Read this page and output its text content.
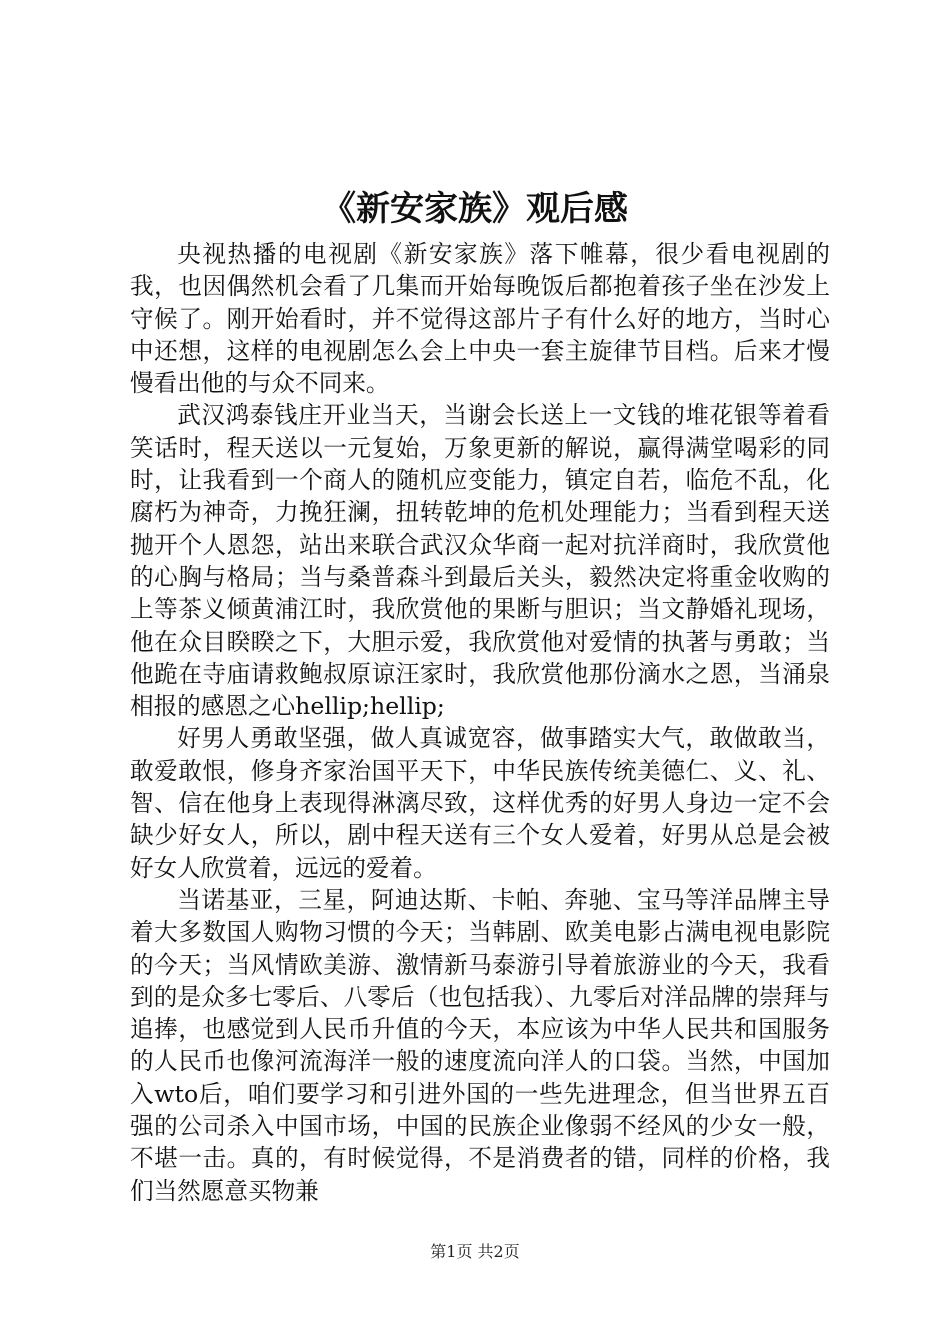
《新安家族》观后感

央视热播的电视剧《新安家族》落下帷幕，很少看电视剧的我，也因偶然机会看了几集而开始每晚饭后都抱着孩子坐在沙发上守候了。刚开始看时，并不觉得这部片子有什么好的地方，当时心中还想，这样的电视剧怎么会上中央一套主旋律节目档。后来才慢慢看出他的与众不同来。

武汉鸿泰钱庄开业当天，当谢会长送上一文钱的堆花银等着看笑话时，程天送以一元复始，万象更新的解说，赢得满堂喝彩的同时，让我看到一个商人的随机应变能力，镇定自若，临危不乱，化腐朽为神奇，力挽狂澜，扭转乾坤的危机处理能力；当看到程天送抛开个人恩怨，站出来联合武汉众华商一起对抗洋商时，我欣赏他的心胸与格局；当与桑普森斗到最后关头，毅然决定将重金收购的上等茶义倾黄浦江时，我欣赏他的果断与胆识；当文静婚礼现场，他在众目睽睽之下，大胆示爱，我欣赏他对爱情的执著与勇敢；当他跪在寺庙请救鲍叔原谅汪家时，我欣赏他那份滴水之恩，当涌泉相报的感恩之心hellip;hellip;

好男人勇敢坚强，做人真诚宽容，做事踏实大气，敢做敢当，敢爱敢恨，修身齐家治国平天下，中华民族传统美德仁、义、礼、智、信在他身上表现得淋漓尽致，这样优秀的好男人身边一定不会缺少好女人，所以，剧中程天送有三个女人爱着，好男从总是会被好女人欣赏着，远远的爱着。

当诺基亚，三星，阿迪达斯、卡帕、奔驰、宝马等洋品牌主导着大多数国人购物习惯的今天；当韩剧、欧美电影占满电视电影院的今天；当风情欧美游、激情新马泰游引导着旅游业的今天，我看到的是众多七零后、八零后（也包括我）、九零后对洋品牌的崇拜与追捧，也感觉到人民币升值的今天，本应该为中华人民共和国服务的人民币也像河流海洋一般的速度流向洋人的口袋。当然，中国加入wto后，咱们要学习和引进外国的一些先进理念，但当世界五百强的公司杀入中国市场，中国的民族企业像弱不经风的少女一般，不堪一击。真的，有时候觉得，不是消费者的错，同样的价格，我们当然愿意买物兼

第1页 共2页
